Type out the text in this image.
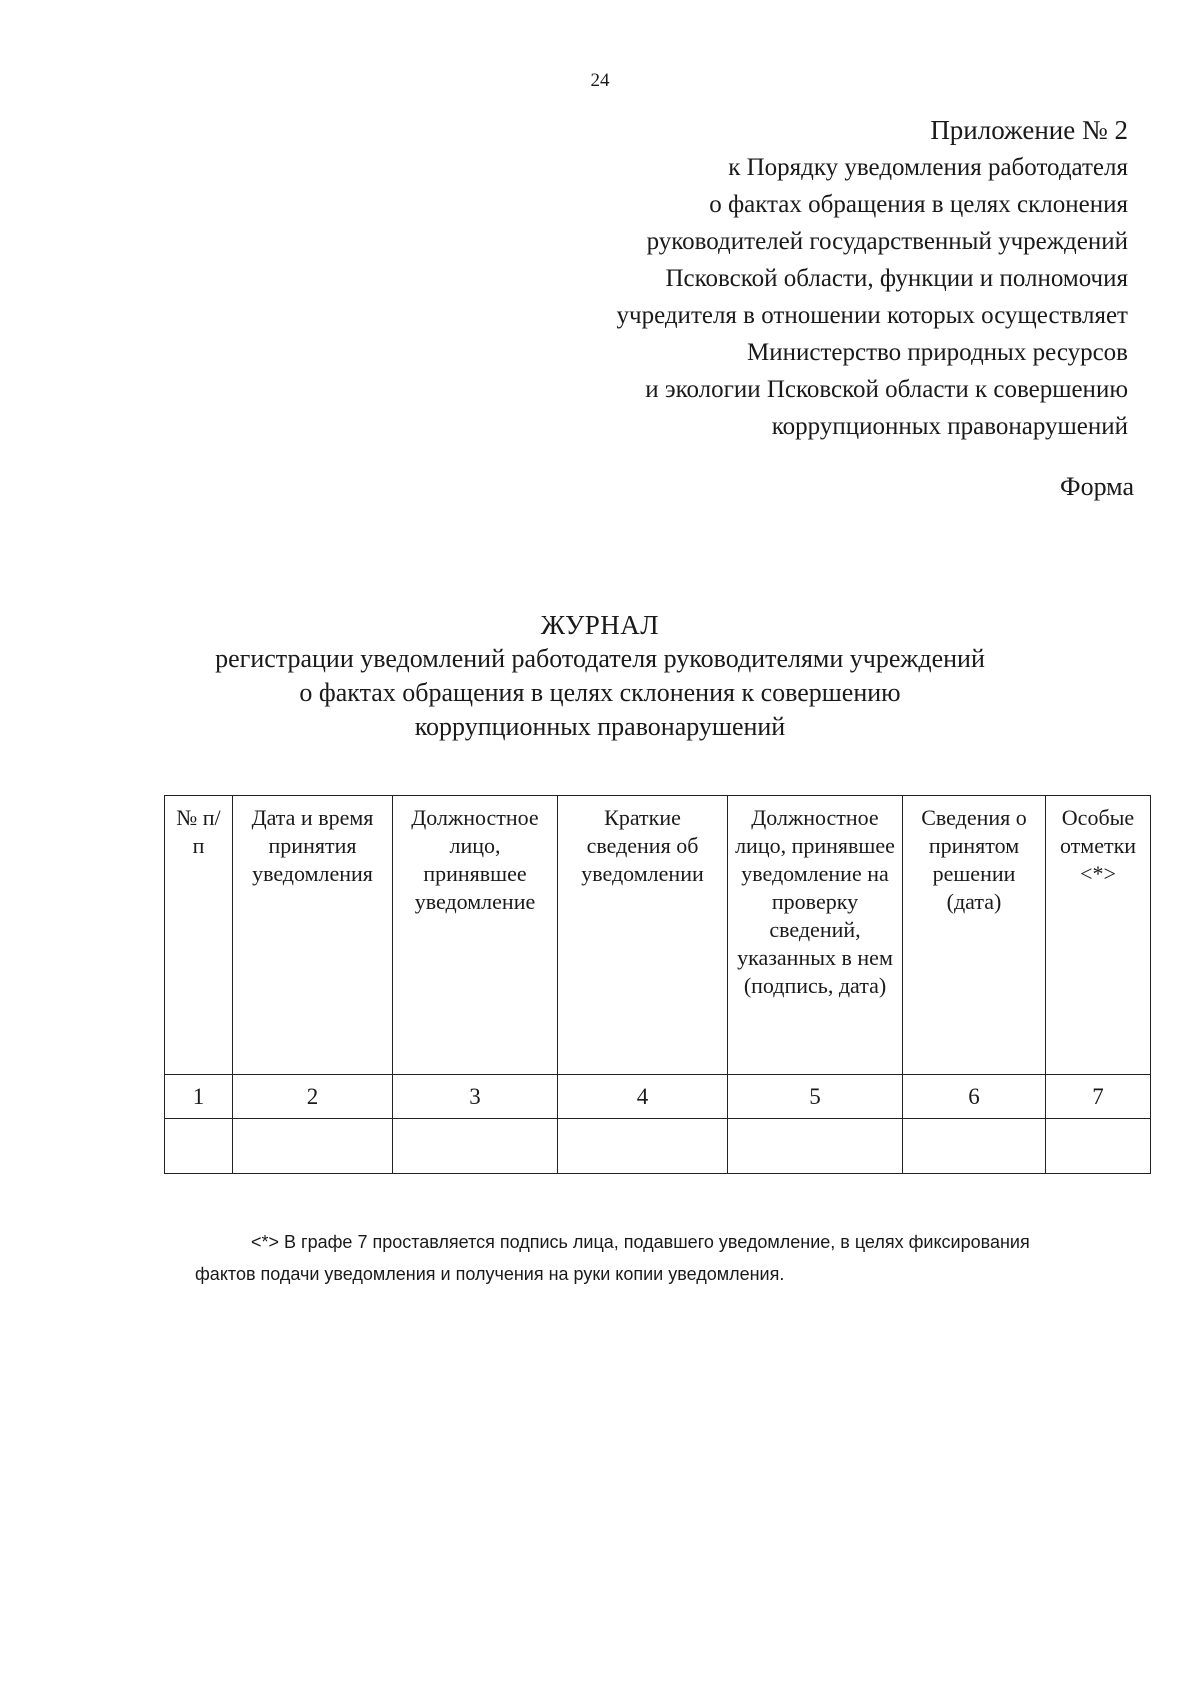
24
Приложение № 2
к Порядку уведомления работодателя
о фактах обращения в целях склонения
руководителей государственный учреждений
Псковской области, функции и полномочия
учредителя в отношении которых осуществляет
Министерство природных ресурсов
и экологии Псковской области к совершению
коррупционных правонарушений
Форма
ЖУРНАЛ
регистрации уведомлений работодателя руководителями учреждений
о фактах обращения в целях склонения к совершению
коррупционных правонарушений
№ п/п	Дата и время принятия уведомления	Должностное лицо, принявшее уведомление	Краткие сведения об уведомлении	Должностное лицо, принявшее уведомление на проверку сведений, указанных в нем (подпись, дата)	Сведения о принятом решении (дата)	Особые отметки <*>
1	2	3	4	5	6	7

<*> В графе 7 проставляется подпись лица, подавшего уведомление, в целях фиксирования
фактов подачи уведомления и получения на руки копии уведомления.
